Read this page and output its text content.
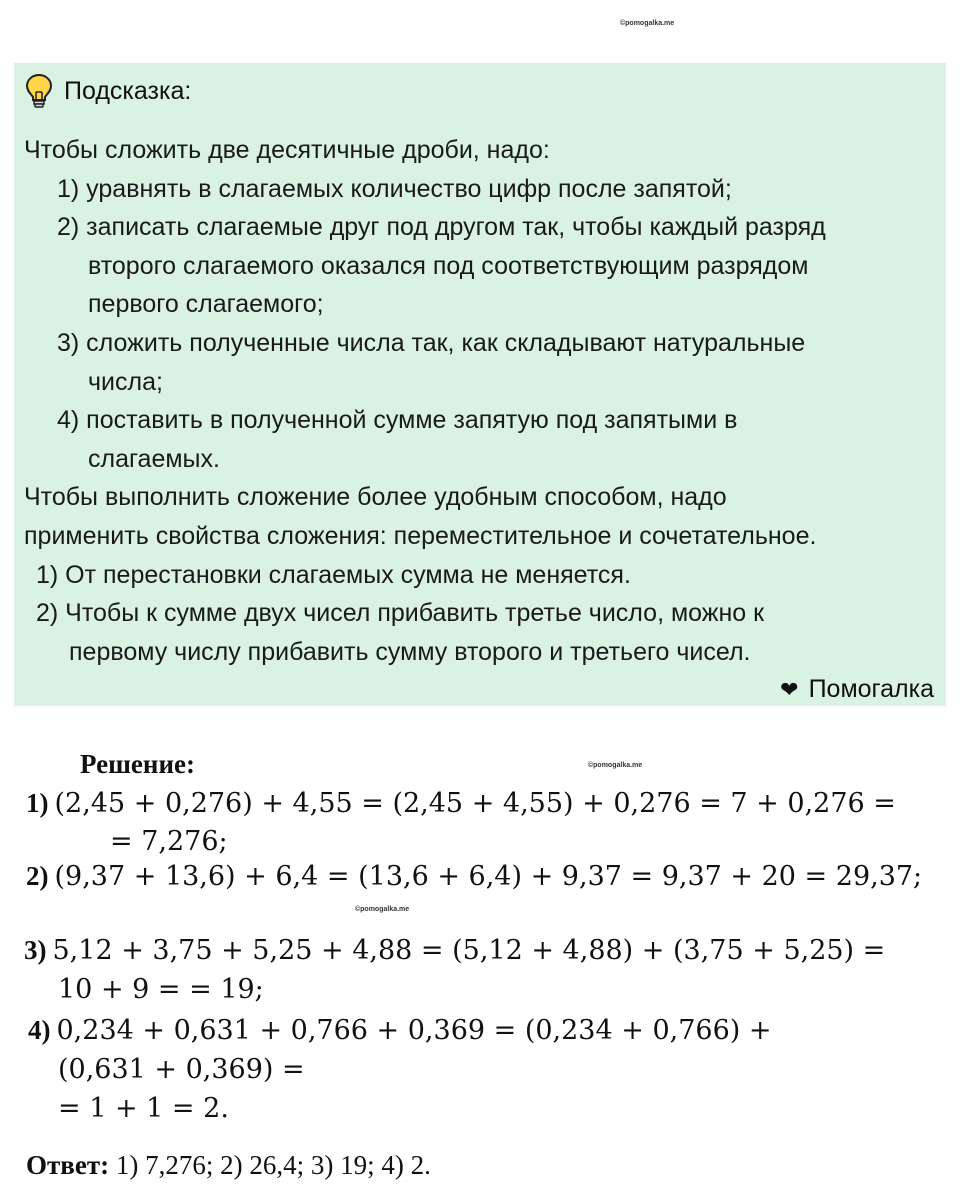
©pomogalka.me
Подсказка:
Чтобы сложить две десятичные дроби, надо:
1) уравнять в слагаемых количество цифр после запятой;
2) записать слагаемые друг под другом так, чтобы каждый разряд
второго слагаемого оказался под соответствующим разрядом
первого слагаемого;
3) сложить полученные числа так, как складывают натуральные
числа;
4) поставить в полученной сумме запятую под запятыми в
слагаемых.
Чтобы выполнить сложение более удобным способом, надо
применить свойства сложения: переместительное и сочетательное.
1) От перестановки слагаемых сумма не меняется.
2) Чтобы к сумме двух чисел прибавить третье число, можно к
первому числу прибавить сумму второго и третьего чисел.
❤ Помогалка
Решение:	©pomogalka.me
1) (2,45 + 0,276) + 4,55 = (2,45 + 4,55) + 0,276 = 7 + 0,276 =
= 7,276;
2) (9,37 + 13,6) + 6,4 = (13,6 + 6,4) + 9,37 = 9,37 + 20 = 29,37;
©pomogalka.me
3) 5,12 + 3,75 + 5,25 + 4,88 = (5,12 + 4,88) + (3,75 + 5,25) =
10 + 9 = = 19;
4) 0,234 + 0,631 + 0,766 + 0,369 = (0,234 + 0,766) +
(0,631 + 0,369) =
= 1 + 1 = 2.
Ответ: 1) 7,276; 2) 26,4; 3) 19; 4) 2.
